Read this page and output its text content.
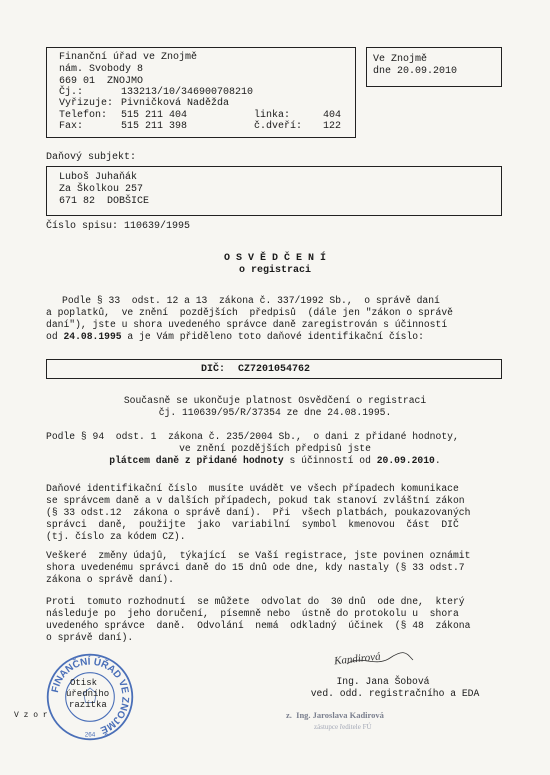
Finanční úřad ve Znojmě
nám. Svobody 8
669 01  ZNOJMO
Čj.:	133213/10/346900708210
Vyřizuje: Pivničková Naděžda
Telefon: 515 211 404	linka:	404
Fax:	515 211 398	č.dveří: 122
Ve Znojmě
dne 20.09.2010
Daňový subjekt:
Luboš Juhaňák
Za Školkou 257
671 82  DOBŠICE
Číslo spisu: 110639/1995
O S V Ě D Č E N Í
o registraci
Podle § 33  odst. 12 a 13  zákona č. 337/1992 Sb.,  o správě daní
a poplatků,  ve znění  pozdějších  předpisů  (dále jen "zákon o správě
daní"), jste u shora uvedeného správce daně zaregistrován s účinností
od 24.08.1995 a je Vám přiděleno toto daňové identifikační číslo:
DIČ: CZ7201054762
Současně se ukončuje platnost Osvědčení o registraci
čj. 110639/95/R/37354 ze dne 24.08.1995.
Podle § 94  odst. 1  zákona č. 235/2004 Sb.,  o dani z přidané hodnoty,
ve znění pozdějších předpisů jste
plátcem daně z přidané hodnoty s účinností od 20.09.2010.
Daňové identifikační číslo  musíte uvádět ve všech případech komunikace
se správcem daně a v dalších případech, pokud tak stanoví zvláštní zákon
(§ 33 odst.12  zákona o správě daní).  Při  všech platbách, poukazovaných
správci  daně,  použijte  jako  variabilní  symbol  kmenovou  část  DIČ
(tj. číslo za kódem CZ).
Veškeré  změny údajů,  týkající  se Vaší registrace, jste povinen oznámit
shora uvedenému správci daně do 15 dnů ode dne, kdy nastaly (§ 33 odst.7
zákona o správě daní).
Proti  tomuto rozhodnutí  se můžete  odvolat do  30 dnů  ode dne,  který
následuje po  jeho doručení,  písemně nebo  ústně do protokolu u  shora
uvedeného správce  daně.  Odvolání  nemá  odkladný  účinek  (§ 48  zákona
o správě daní).
Kandirová
Ing. Jana Šobová
ved. odd. registračního a EDA
z.  Ing. Jaroslava Kadirová
zástupce ředitele FÚ
V z o r
FINANČNÍ ÚŘAD VE ZNOJMĚ
264
Otisk
úředního
razítka
